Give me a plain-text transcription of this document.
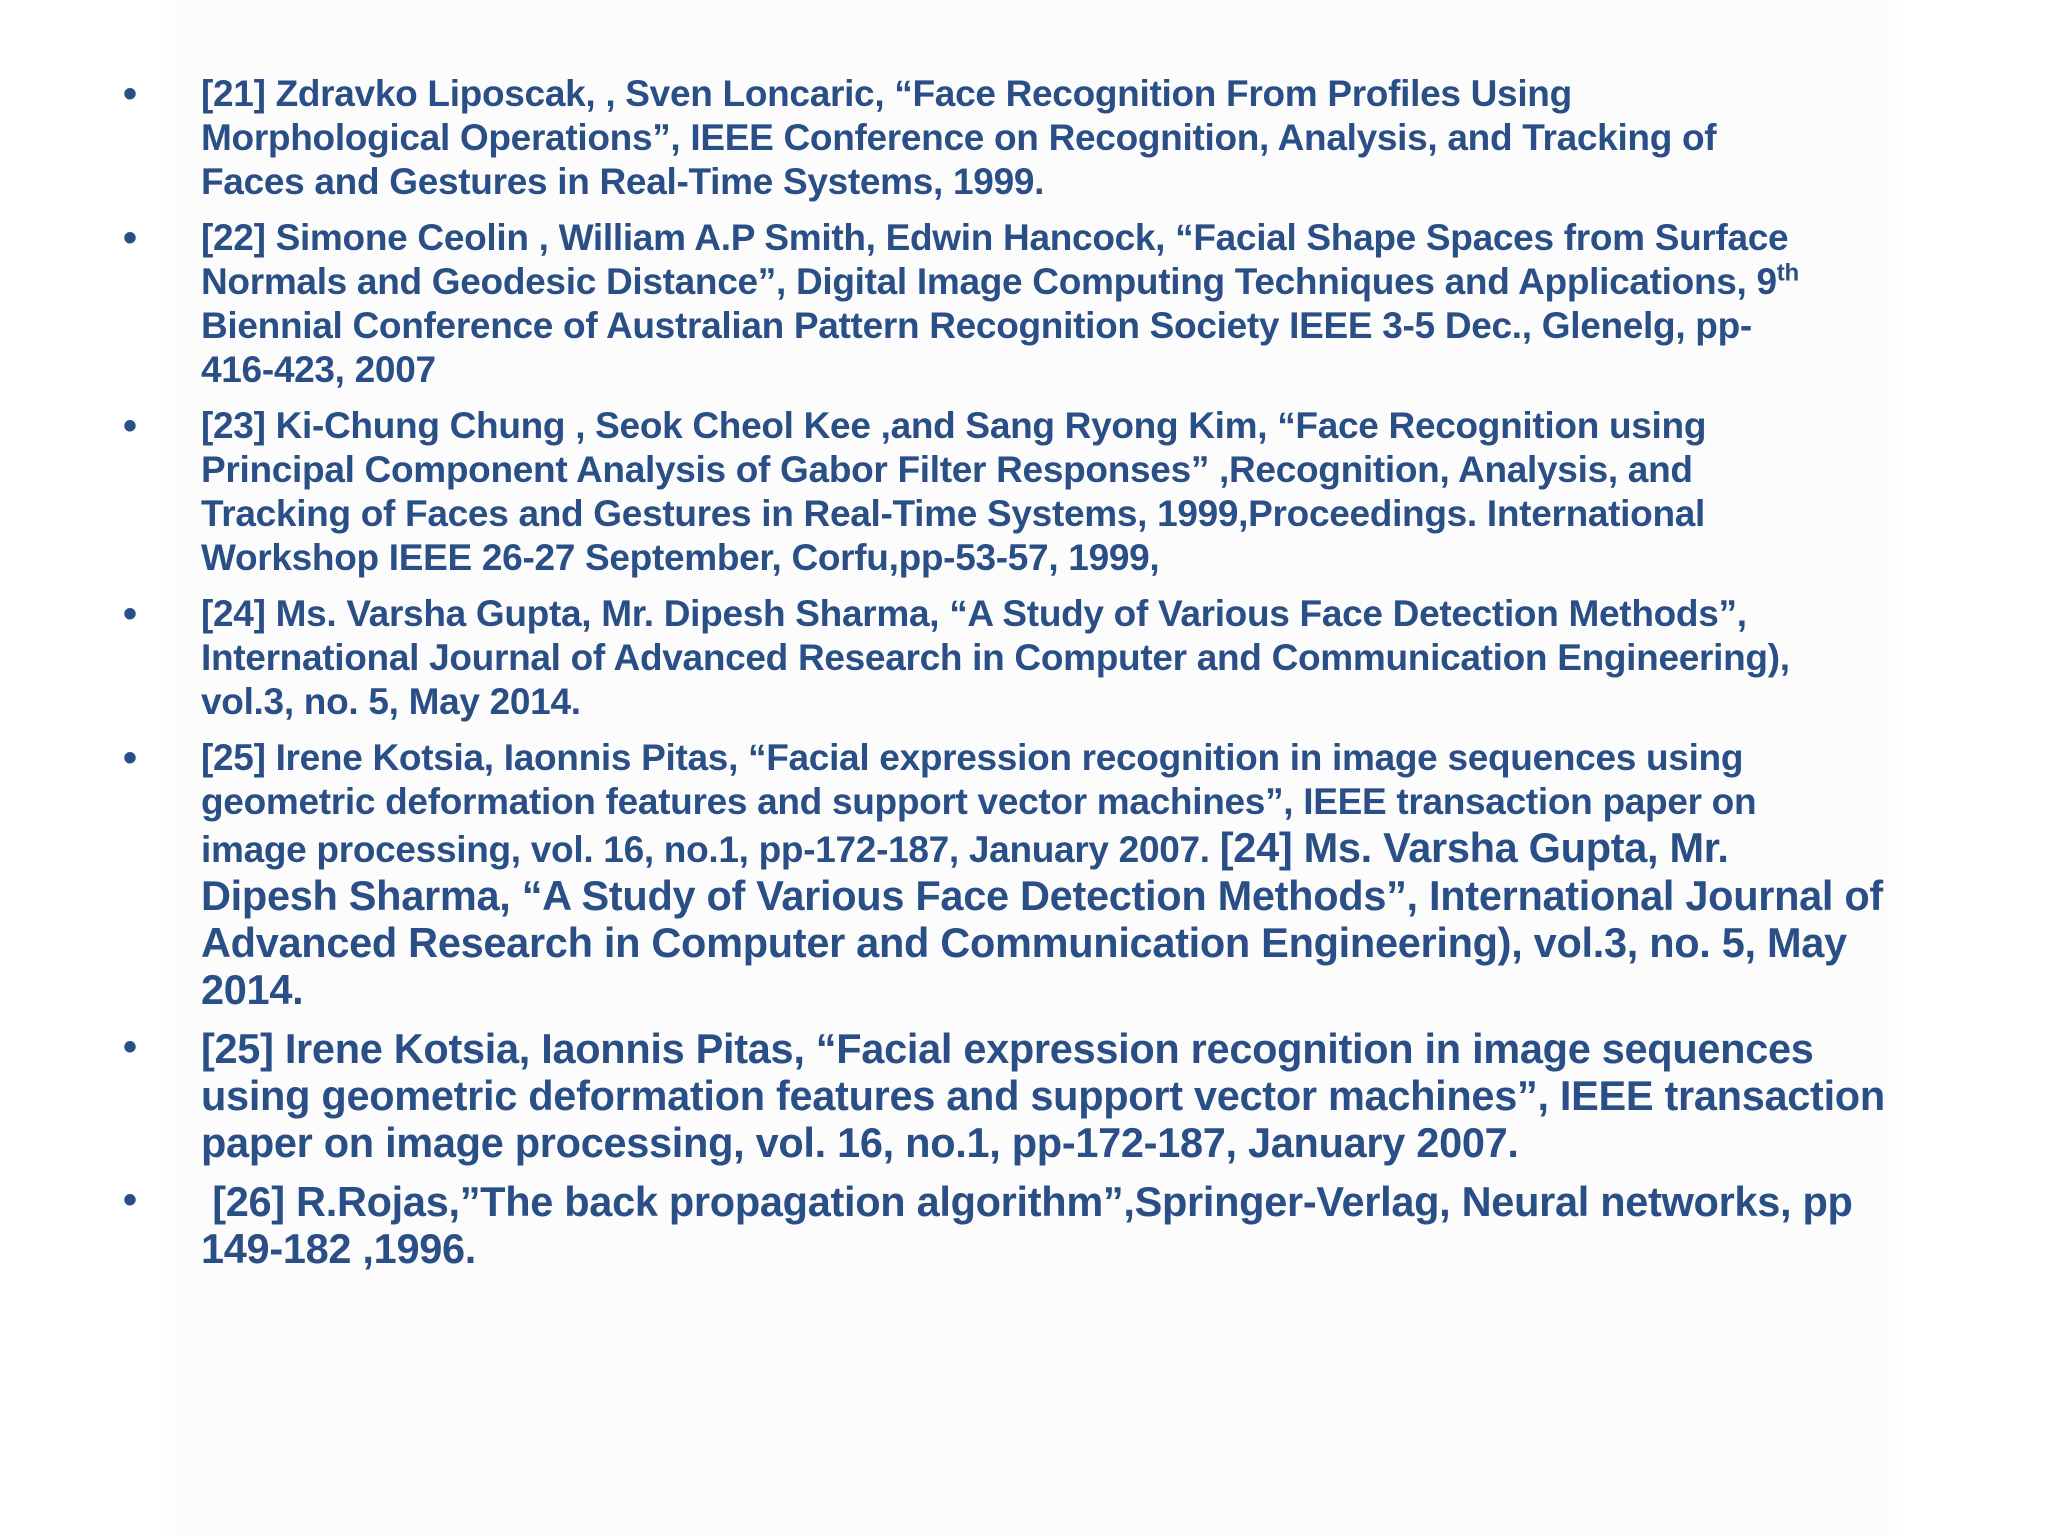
• [21] Zdravko Liposcak, , Sven Loncaric, “Face Recognition From Profiles Using
Morphological Operations”, IEEE Conference on Recognition, Analysis, and Tracking of
Faces and Gestures in Real-Time Systems, 1999.
• [22] Simone Ceolin , William A.P Smith, Edwin Hancock, “Facial Shape Spaces from Surface
Normals and Geodesic Distance”, Digital Image Computing Techniques and Applications, 9th
Biennial Conference of Australian Pattern Recognition Society IEEE 3-5 Dec., Glenelg, pp-
416-423, 2007
• [23] Ki-Chung Chung , Seok Cheol Kee ,and Sang Ryong Kim, “Face Recognition using
Principal Component Analysis of Gabor Filter Responses” ,Recognition, Analysis, and
Tracking of Faces and Gestures in Real-Time Systems, 1999,Proceedings. International
Workshop IEEE 26-27 September, Corfu,pp-53-57, 1999,
• [24] Ms. Varsha Gupta, Mr. Dipesh Sharma, “A Study of Various Face Detection Methods”,
International Journal of Advanced Research in Computer and Communication Engineering),
vol.3, no. 5, May 2014.
• [25] Irene Kotsia, Iaonnis Pitas, “Facial expression recognition in image sequences using
geometric deformation features and support vector machines”, IEEE transaction paper on
image processing, vol. 16, no.1, pp-172-187, January 2007. [24] Ms. Varsha Gupta, Mr.
Dipesh Sharma, “A Study of Various Face Detection Methods”, International Journal of
Advanced Research in Computer and Communication Engineering), vol.3, no. 5, May
2014.
• [25] Irene Kotsia, Iaonnis Pitas, “Facial expression recognition in image sequences
using geometric deformation features and support vector machines”, IEEE transaction
paper on image processing, vol. 16, no.1, pp-172-187, January 2007.
• [26] R.Rojas,”The back propagation algorithm”,Springer-Verlag, Neural networks, pp
149-182 ,1996.
